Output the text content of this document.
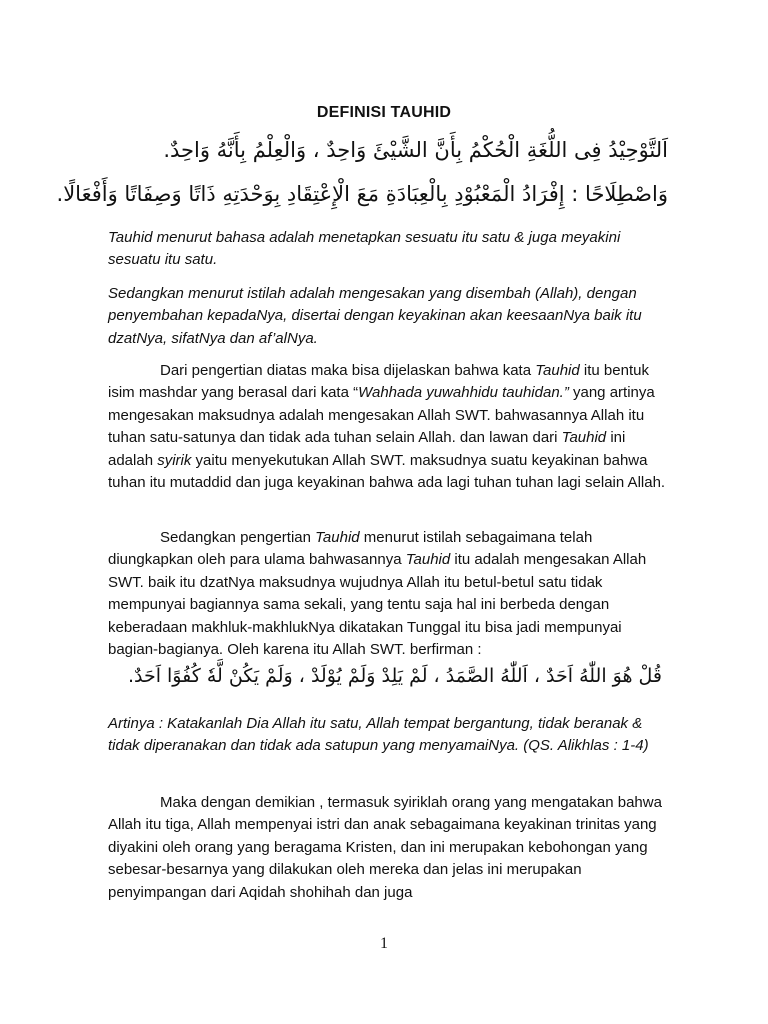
DEFINISI TAUHID
اَلتَّوْحِيْدُ فِى اللُّغَةِ الْحُكْمُ بِأَنَّ الشَّيْئَ وَاحِدٌ ، وَالْعِلْمُ بِأَنَّهُ وَاحِدٌ.
وَاصْطِلَاحًا : إِفْرَادُ الْمَعْبُوْدِ بِالْعِبَادَةِ مَعَ الْإِعْتِقَادِ بِوَحْدَتِهِ ذَاتًا وَصِفَاتًا وَأَفْعَالًا.

Tauhid menurut bahasa adalah menetapkan sesuatu itu satu & juga meyakini sesuatu itu satu.

Sedangkan menurut istilah adalah mengesakan yang disembah (Allah), dengan penyembahan kepadaNya, disertai dengan keyakinan akan keesaanNya baik itu dzatNya, sifatNya dan af’alNya.

Dari pengertian diatas maka bisa dijelaskan bahwa kata Tauhid itu bentuk isim mashdar yang berasal dari kata “Wahhada yuwahhidu tauhidan.” yang artinya mengesakan maksudnya adalah mengesakan Allah SWT. bahwasannya Allah itu tuhan satu-satunya dan tidak ada tuhan selain Allah. dan lawan dari Tauhid ini adalah syirik yaitu menyekutukan Allah SWT. maksudnya suatu keyakinan bahwa tuhan itu mutaddid dan juga keyakinan bahwa ada lagi tuhan tuhan lagi selain Allah.

Sedangkan pengertian Tauhid menurut istilah sebagaimana telah diungkapkan oleh para ulama bahwasannya Tauhid itu adalah mengesakan Allah SWT. baik itu dzatNya maksudnya wujudnya Allah itu betul-betul satu tidak mempunyai bagiannya sama sekali, yang tentu saja hal ini berbeda dengan keberadaan makhluk-makhlukNya dikatakan Tunggal itu bisa jadi mempunyai bagian-bagianya. Oleh karena itu Allah SWT. berfirman :

قُلْ هُوَ اللّٰهُ اَحَدٌ ، اَللّٰهُ الصَّمَدُ ، لَمْ يَلِدْ وَلَمْ يُوْلَدْ ، وَلَمْ يَكُنْ لَّهٗ كُفُوًا اَحَدٌ.

Artinya : Katakanlah Dia Allah itu satu, Allah tempat bergantung, tidak beranak & tidak diperanakan dan tidak ada satupun yang menyamaiNya. (QS. Alikhlas : 1-4)

Maka dengan demikian , termasuk syiriklah orang yang mengatakan bahwa Allah itu tiga, Allah mempenyai istri dan anak sebagaimana keyakinan trinitas yang diyakini oleh orang yang beragama Kristen, dan ini merupakan kebohongan yang sebesar-besarnya yang dilakukan oleh mereka dan jelas ini merupakan penyimpangan dari Aqidah shohihah dan juga

1
